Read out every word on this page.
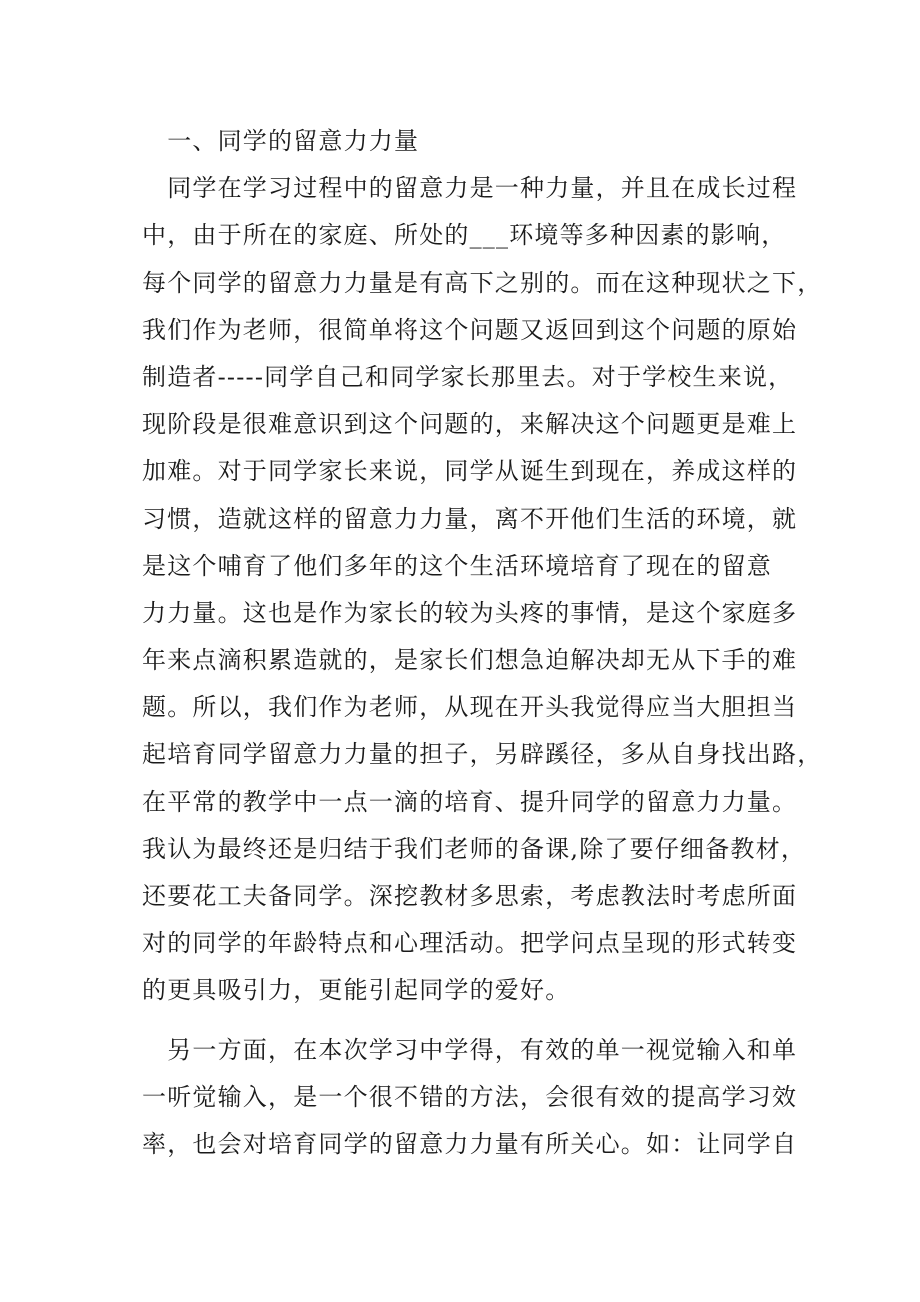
　一、同学的留意力力量
　同学在学习过程中的留意力是一种力量，并且在成长过程
中，由于所在的家庭、所处的___环境等多种因素的影响，
每个同学的留意力力量是有高下之别的。而在这种现状之下，
我们作为老师，很简单将这个问题又返回到这个问题的原始
制造者-----同学自己和同学家长那里去。对于学校生来说，
现阶段是很难意识到这个问题的，来解决这个问题更是难上
加难。对于同学家长来说，同学从诞生到现在，养成这样的
习惯，造就这样的留意力力量，离不开他们生活的环境，就
是这个哺育了他们多年的这个生活环境培育了现在的留意
力力量。这也是作为家长的较为头疼的事情，是这个家庭多
年来点滴积累造就的，是家长们想急迫解决却无从下手的难
题。所以，我们作为老师，从现在开头我觉得应当大胆担当
起培育同学留意力力量的担子，另辟蹊径，多从自身找出路，
在平常的教学中一点一滴的培育、提升同学的留意力力量。
我认为最终还是归结于我们老师的备课,除了要仔细备教材，
还要花工夫备同学。深挖教材多思索，考虑教法时考虑所面
对的同学的年龄特点和心理活动。把学问点呈现的形式转变
的更具吸引力，更能引起同学的爱好。
　另一方面，在本次学习中学得，有效的单一视觉输入和单
一听觉输入，是一个很不错的方法，会很有效的提高学习效
率，也会对培育同学的留意力力量有所关心。如：让同学自
